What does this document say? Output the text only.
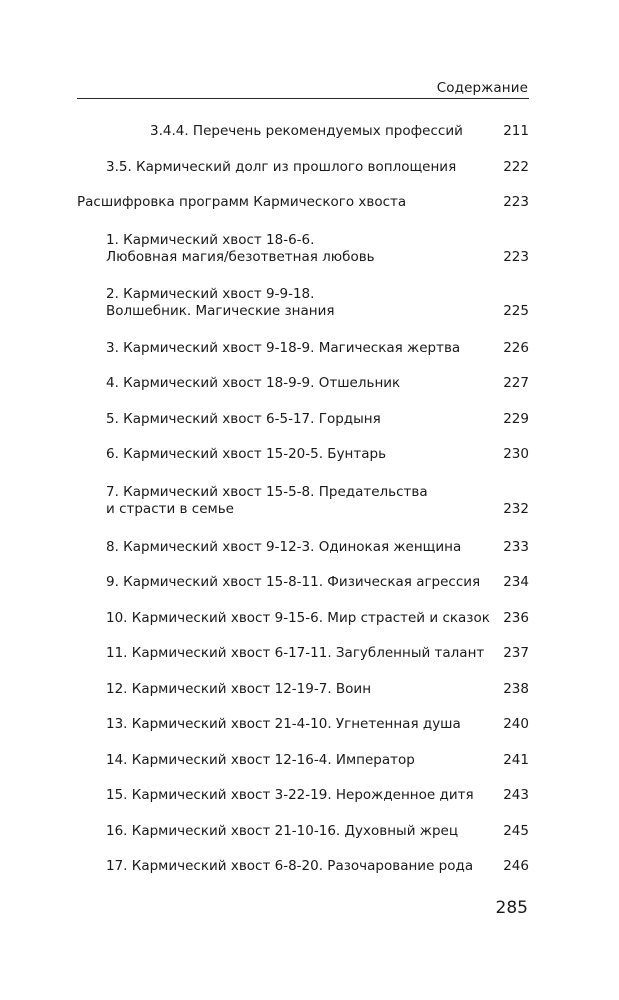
Содержание
3.4.4. Перечень рекомендуемых профессий	211
3.5. Кармический долг из прошлого воплощения	222
Расшифровка программ Кармического хвоста	223
1. Кармический хвост 18-6-6.
Любовная магия/безответная любовь	223
2. Кармический хвост 9-9-18.
Волшебник. Магические знания	225
3. Кармический хвост 9-18-9. Магическая жертва	226
4. Кармический хвост 18-9-9. Отшельник	227
5. Кармический хвост 6-5-17. Гордыня	229
6. Кармический хвост 15-20-5. Бунтарь	230
7. Кармический хвост 15-5-8. Предательства
и страсти в семье	232
8. Кармический хвост 9-12-3. Одинокая женщина	233
9. Кармический хвост 15-8-11. Физическая агрессия 234
10. Кармический хвост 9-15-6. Мир страстей и сказок 236
11. Кармический хвост 6-17-11. Загубленный талант 237
12. Кармический хвост 12-19-7. Воин	238
13. Кармический хвост 21-4-10. Угнетенная душа	240
14. Кармический хвост 12-16-4. Император	241
15. Кармический хвост 3-22-19. Нерожденное дитя 243
16. Кармический хвост 21-10-16. Духовный жрец	245
17. Кармический хвост 6-8-20. Разочарование рода 246
285
